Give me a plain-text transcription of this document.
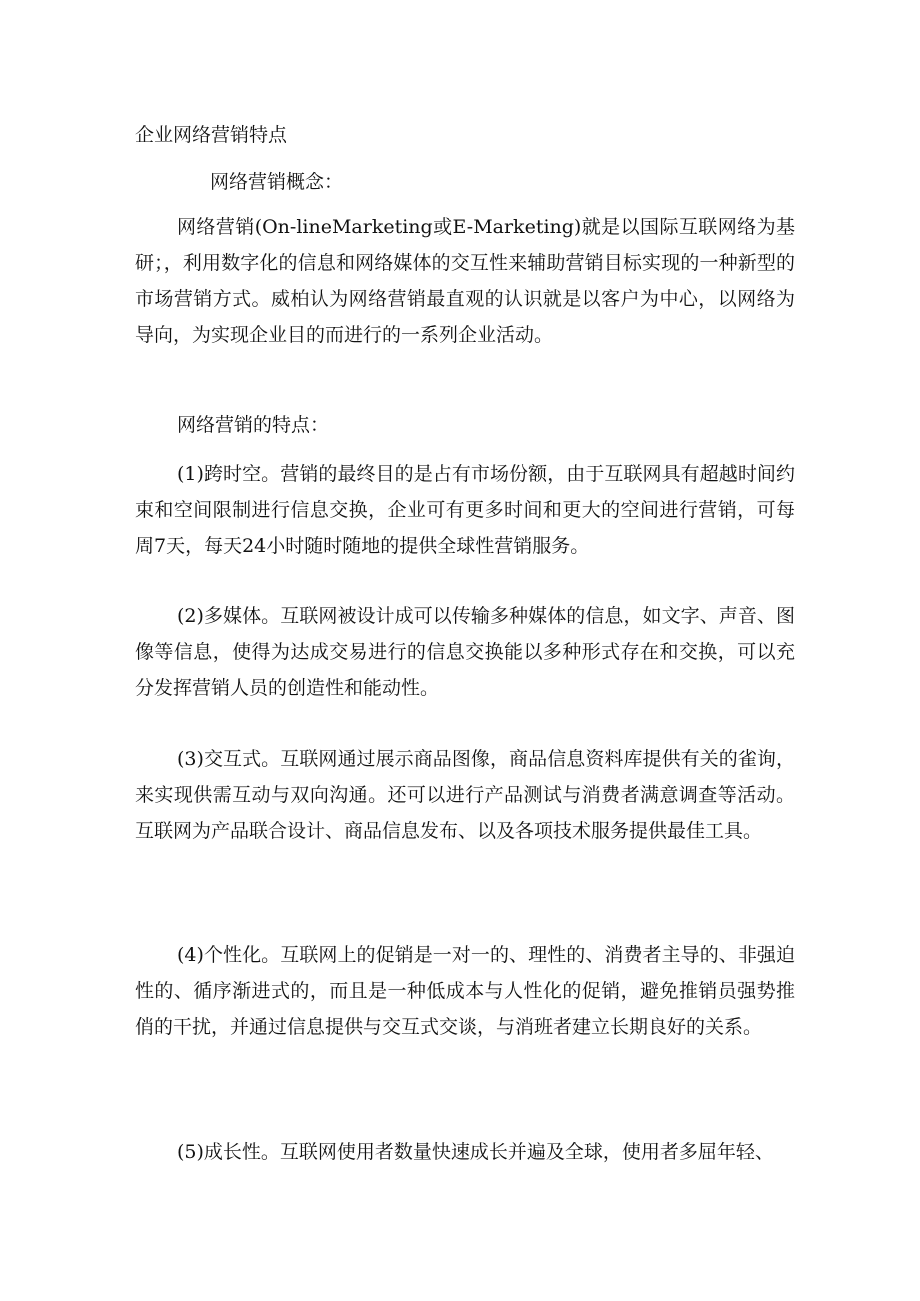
企业网络营销特点
网络营销概念：

网络营销(On-lineMarketing或E-Marketing)就是以国际互联网络为基研；，利用数字化的信息和网络媒体的交互性来辅助营销目标实现的一种新型的市场营销方式。威柏认为网络营销最直观的认识就是以客户为中心，以网络为导向，为实现企业目的而进行的一系列企业活动。

网络营销的特点：

(1)跨时空。营销的最终目的是占有市场份额，由于互联网具有超越时间约束和空间限制进行信息交换，企业可有更多时间和更大的空间进行营销，可每周7天，每天24小时随时随地的提供全球性营销服务。

(2)多媒体。互联网被设计成可以传输多种媒体的信息，如文字、声音、图像等信息，使得为达成交易进行的信息交换能以多种形式存在和交换，可以充分发挥营销人员的创造性和能动性。

(3)交互式。互联网通过展示商品图像，商品信息资料库提供有关的雀询，来实现供需互动与双向沟通。还可以进行产品测试与消费者满意调查等活动。互联网为产品联合设计、商品信息发布、以及各项技术服务提供最佳工具。

(4)个性化。互联网上的促销是一对一的、理性的、消费者主导的、非强迫性的、循序渐进式的，而且是一种低成本与人性化的促销，避免推销员强势推俏的干扰，并通过信息提供与交互式交谈，与消班者建立长期良好的关系。

(5)成长性。互联网使用者数量快速成长并遍及全球，使用者多屈年轻、
